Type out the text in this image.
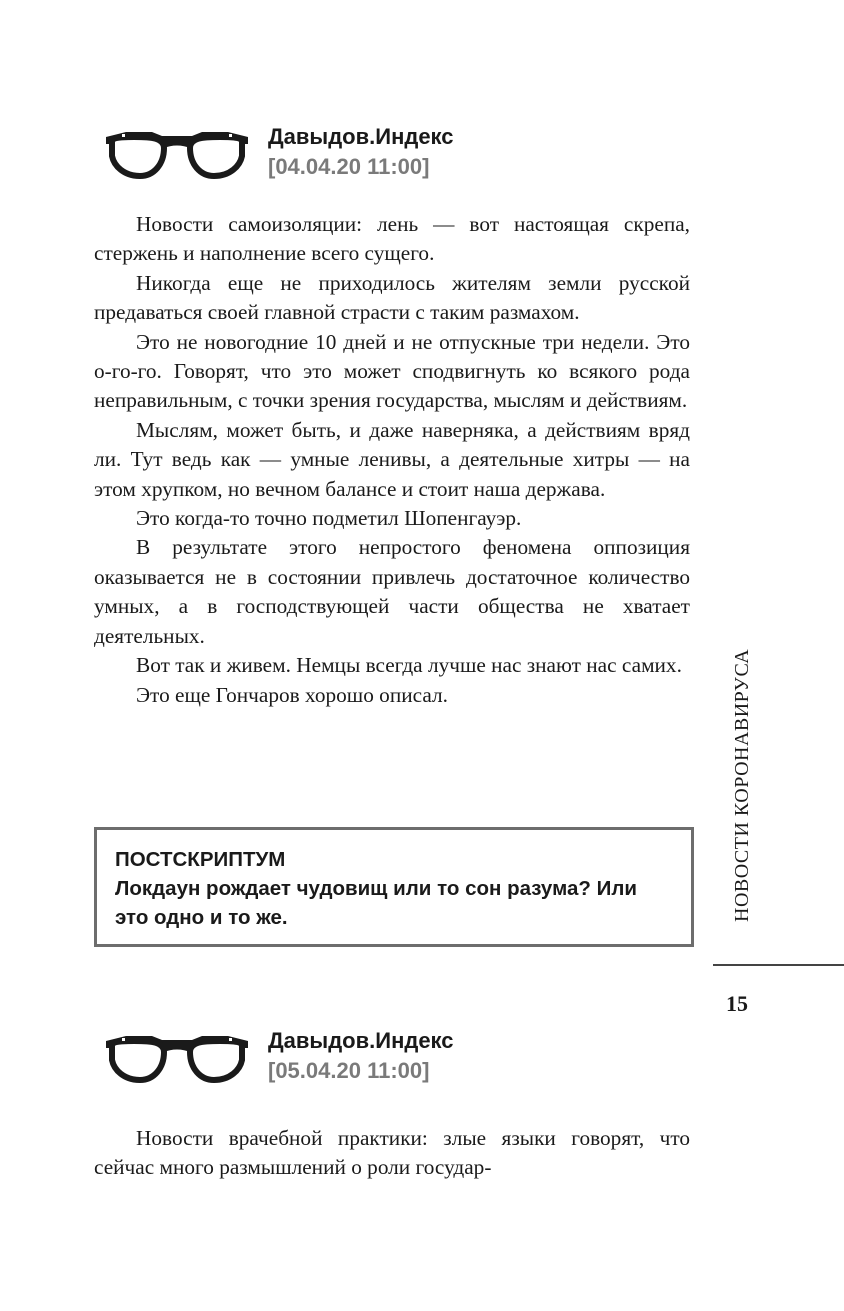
Давыдов.Индекс
[04.04.20 11:00]

Новости самоизоляции: лень — вот настоящая скрепа, стержень и наполнение всего сущего.

Никогда еще не приходилось жителям земли русской предаваться своей главной страсти с таким размахом.

Это не новогодние 10 дней и не отпускные три недели. Это о-го-го. Говорят, что это может сподвигнуть ко всякого рода неправильным, с точки зрения государства, мыслям и действиям.

Мыслям, может быть, и даже наверняка, а действиям вряд ли. Тут ведь как — умные ленивы, а деятельные хитры — на этом хрупком, но вечном балансе и стоит наша держава.

Это когда-то точно подметил Шопенгауэр.

В результате этого непростого феномена оппозиция оказывается не в состоянии привлечь достаточное количество умных, а в господствующей части общества не хватает деятельных.

Вот так и живем. Немцы всегда лучше нас знают нас самих.

Это еще Гончаров хорошо описал.

ПОСТСКРИПТУМ
Локдаун рождает чудовищ или то сон разума? Или это одно и то же.	НОВОСТИ КОРОНАВИРУСА
15
Давыдов.Индекс
[05.04.20 11:00]

Новости врачебной практики: злые языки говорят, что сейчас много размышлений о роли государ-
